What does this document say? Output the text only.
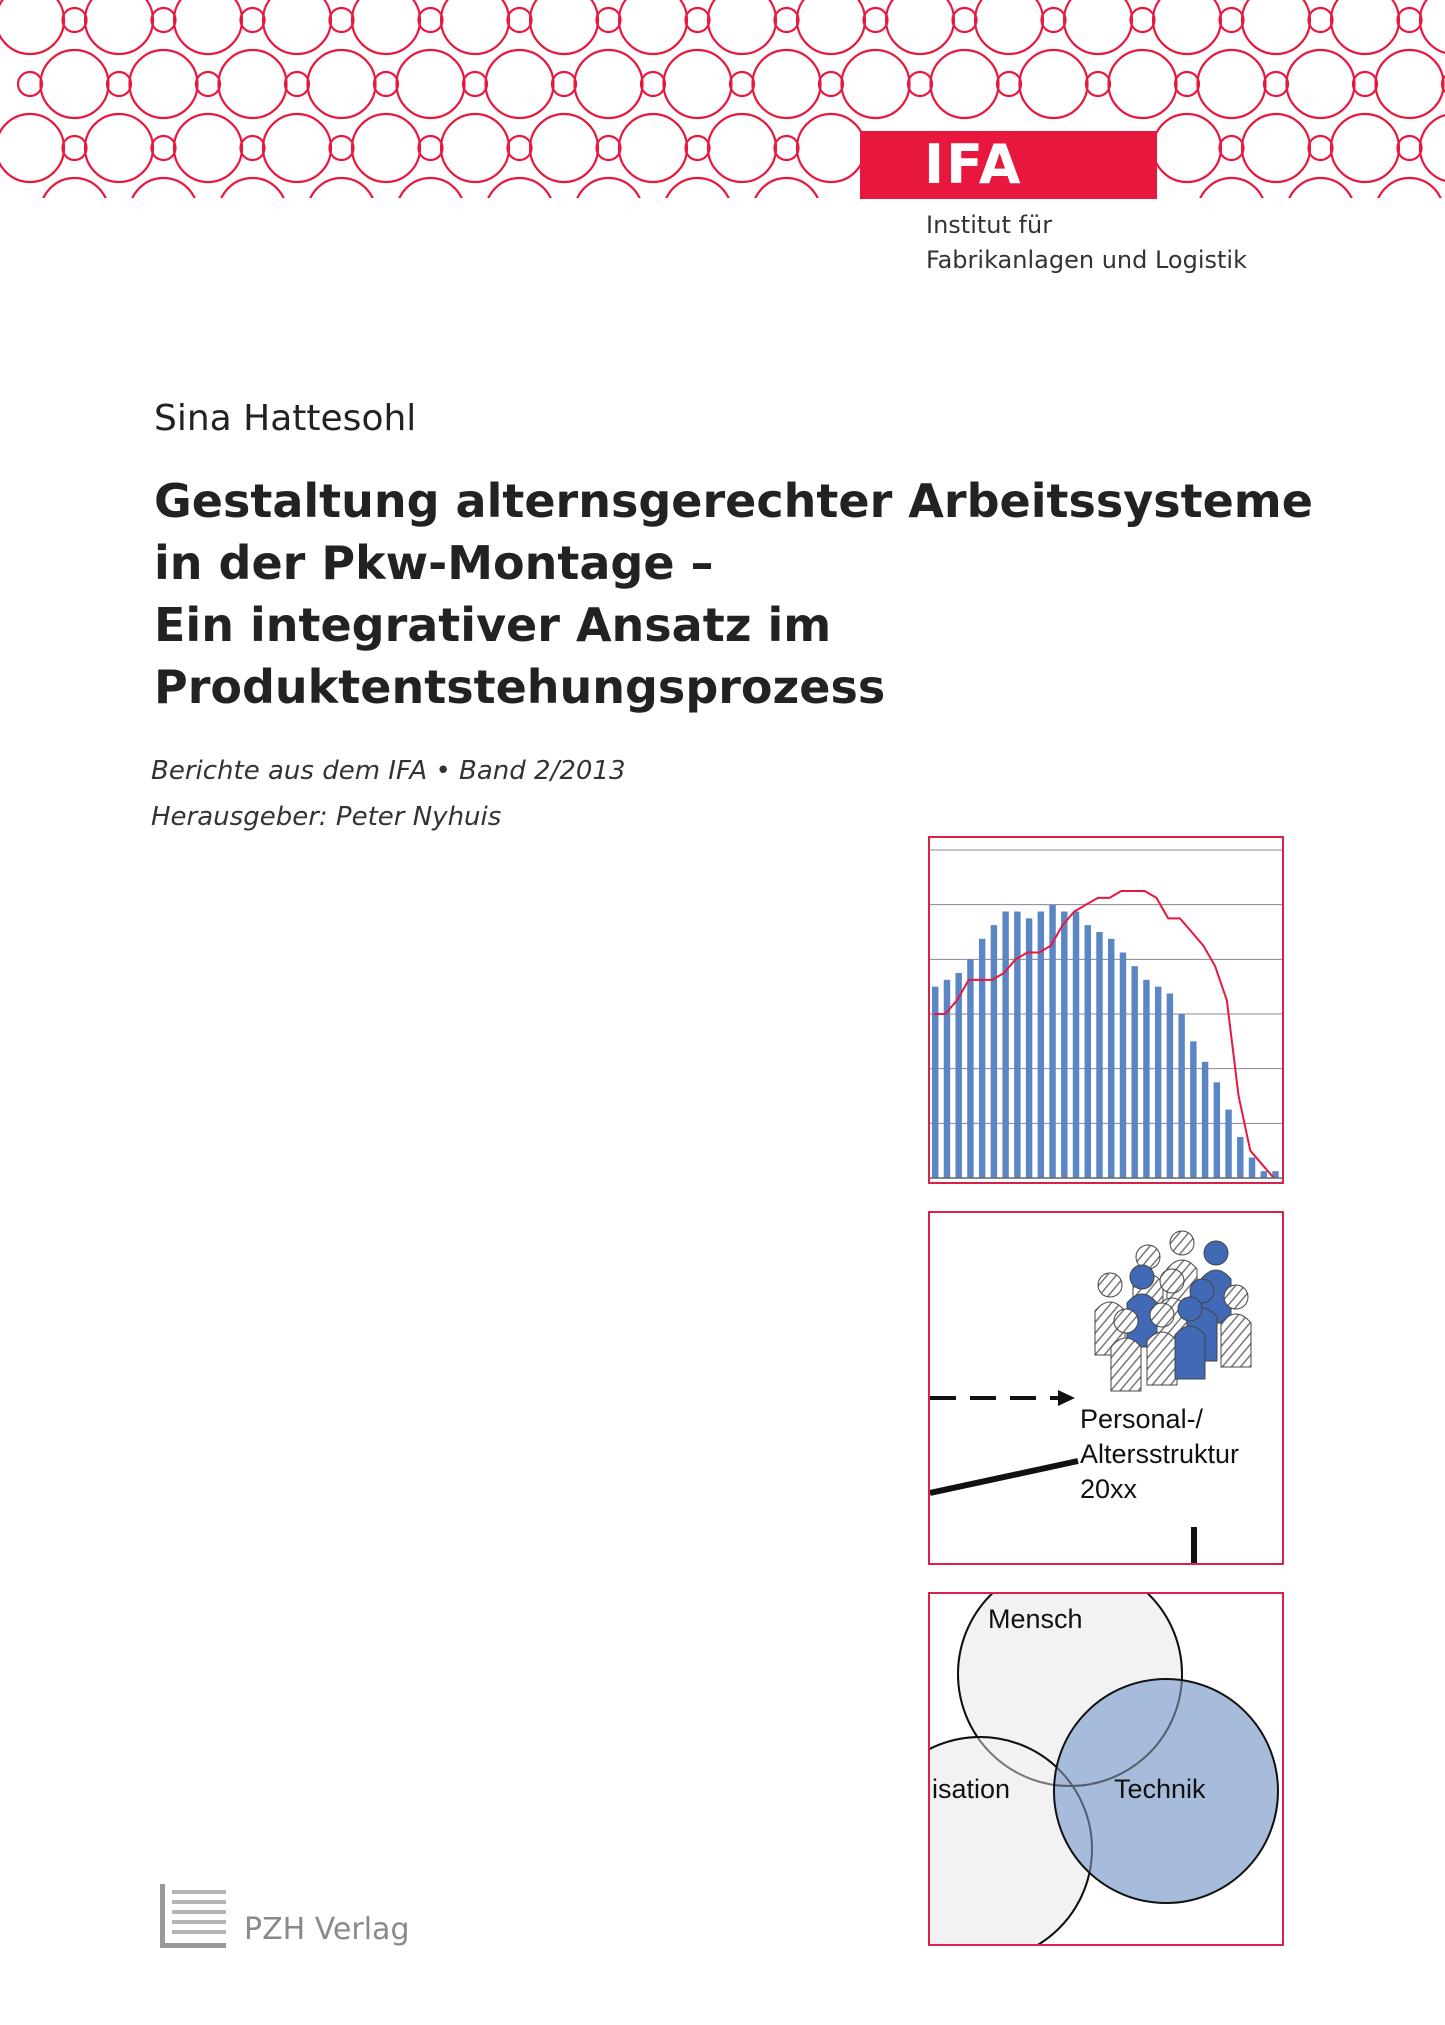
IFA
Institut für
Fabrikanlagen und Logistik
Sina Hattesohl
Gestaltung alternsgerechter Arbeitssysteme
in der Pkw-Montage –
Ein integrativer Ansatz im
Produktentstehungsprozess
Berichte aus dem IFA • Band 2/2013
Herausgeber: Peter Nyhuis
Personal-/
Altersstruktur
20xx
Mensch
Technik
isation
PZH Verlag
